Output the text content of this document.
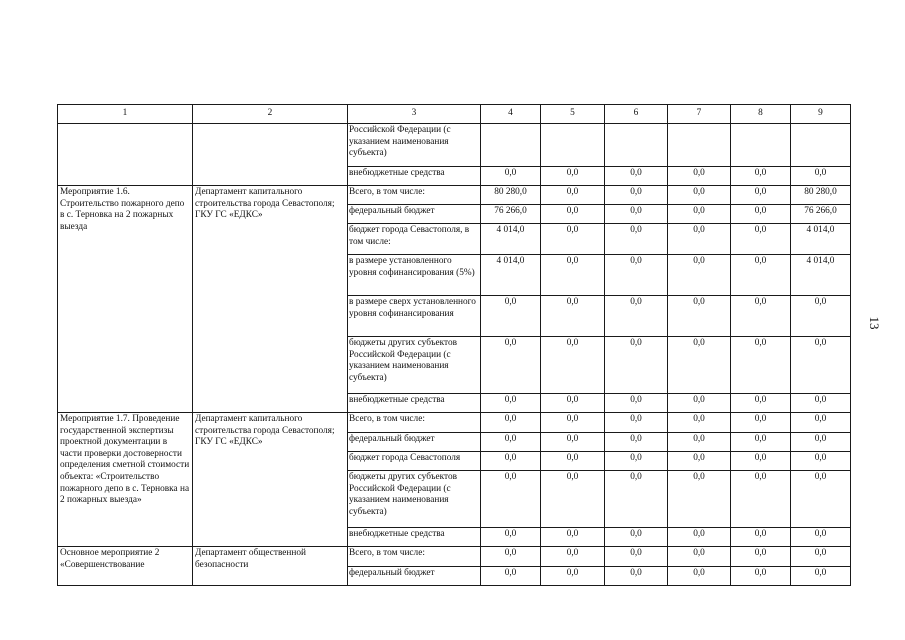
1	2	3	4	5	6	7	8	9
		Российской Федерации (с указанием наименования субъекта)						
		внебюджетные средства	0,0	0,0	0,0	0,0	0,0	0,0
Мероприятие 1.6. Строительство пожарного депо в с. Терновка на 2 пожарных выезда	Департамент капитального строительства города Севастополя; ГКУ ГС «ЕДКС»	Всего, в том числе:	80 280,0	0,0	0,0	0,0	0,0	80 280,0
		федеральный бюджет	76 266,0	0,0	0,0	0,0	0,0	76 266,0
		бюджет города Севастополя, в том числе:	4 014,0	0,0	0,0	0,0	0,0	4 014,0
		в размере установленного уровня софинансирования (5%)	4 014,0	0,0	0,0	0,0	0,0	4 014,0
		в размере сверх установленного уровня софинансирования	0,0	0,0	0,0	0,0	0,0	0,0
		бюджеты других субъектов Российской Федерации (с указанием наименования субъекта)	0,0	0,0	0,0	0,0	0,0	0,0
		внебюджетные средства	0,0	0,0	0,0	0,0	0,0	0,0
Мероприятие 1.7. Проведение государственной экспертизы проектной документации в части проверки достоверности определения сметной стоимости объекта: «Строительство пожарного депо в с. Терновка на 2 пожарных выезда»	Департамент капитального строительства города Севастополя; ГКУ ГС «ЕДКС»	Всего, в том числе:	0,0	0,0	0,0	0,0	0,0	0,0
		федеральный бюджет	0,0	0,0	0,0	0,0	0,0	0,0
		бюджет города Севастополя	0,0	0,0	0,0	0,0	0,0	0,0
		бюджеты других субъектов Российской Федерации (с указанием наименования субъекта)	0,0	0,0	0,0	0,0	0,0	0,0
		внебюджетные средства	0,0	0,0	0,0	0,0	0,0	0,0
Основное мероприятие 2 «Совершенствование	Департамент общественной безопасности	Всего, в том числе:	0,0	0,0	0,0	0,0	0,0	0,0
		федеральный бюджет	0,0	0,0	0,0	0,0	0,0	0,0
13
